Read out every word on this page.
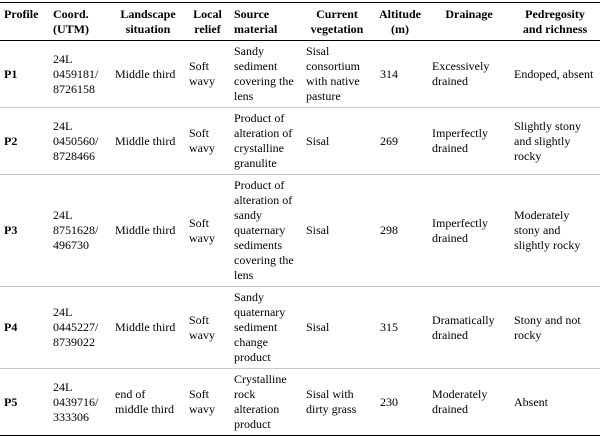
Profile	Coord. (UTM)	Landscape situation	Local relief	Source material	Current vegetation	Altitude (m)	Drainage	Pedregosity and richness
P1	24L 0459181/ 8726158	Middle third	Soft wavy	Sandy sediment covering the lens	Sisal consortium with native pasture	314	Excessively drained	Endoped, absent
P2	24L 0450560/ 8728466	Middle third	Soft wavy	Product of alteration of crystalline granulite	Sisal	269	Imperfectly drained	Slightly stony and slightly rocky
P3	24L 8751628/ 496730	Middle third	Soft wavy	Product of alteration of sandy quaternary sediments covering the lens	Sisal	298	Imperfectly drained	Moderately stony and slightly rocky
P4	24L 0445227/ 8739022	Middle third	Soft wavy	Sandy quaternary sediment change product	Sisal	315	Dramatically drained	Stony and not rocky
P5	24L 0439716/ 333306	end of middle third	Soft wavy	Crystalline rock alteration product	Sisal with dirty grass	230	Moderately drained	Absent
